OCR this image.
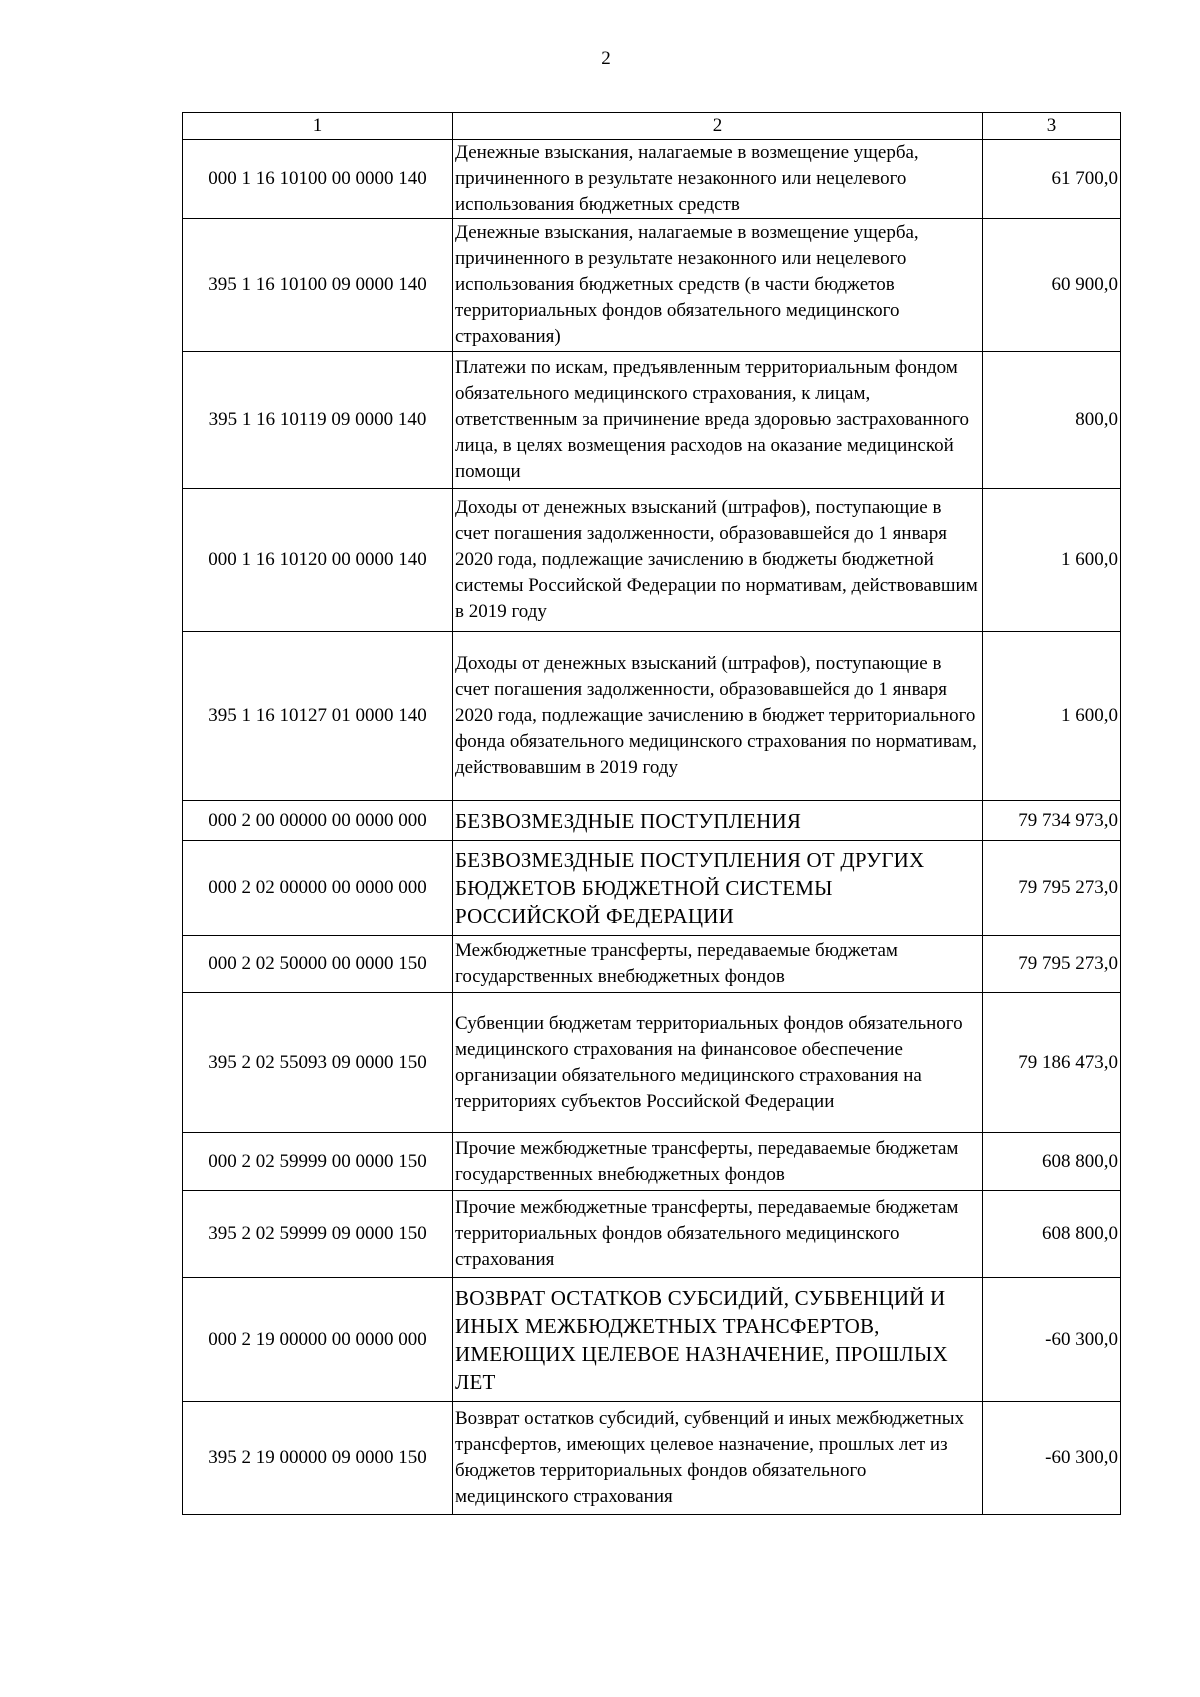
2
1	2	3
000 1 16 10100 00 0000 140	Денежные взыскания, налагаемые в возмещение ущерба, причиненного в результате незаконного или нецелевого использования бюджетных средств	61 700,0
395 1 16 10100 09 0000 140	Денежные взыскания, налагаемые в возмещение ущерба, причиненного в результате незаконного или нецелевого использования бюджетных средств (в части бюджетов территориальных фондов обязательного медицинского страхования)	60 900,0
395 1 16 10119 09 0000 140	Платежи по искам, предъявленным территориальным фондом обязательного медицинского страхования, к лицам, ответственным за причинение вреда здоровью застрахованного лица, в целях возмещения расходов на оказание медицинской помощи	800,0
000 1 16 10120 00 0000 140	Доходы от денежных взысканий (штрафов), поступающие в счет погашения задолженности, образовавшейся до 1 января 2020 года, подлежащие зачислению в бюджеты бюджетной системы Российской Федерации по нормативам, действовавшим в 2019 году	1 600,0
395 1 16 10127 01 0000 140	Доходы от денежных взысканий (штрафов), поступающие в счет погашения задолженности, образовавшейся до 1 января 2020 года, подлежащие зачислению в бюджет территориального фонда обязательного медицинского страхования по нормативам, действовавшим в 2019 году	1 600,0
000 2 00 00000 00 0000 000	БЕЗВОЗМЕЗДНЫЕ ПОСТУПЛЕНИЯ	79 734 973,0
000 2 02 00000 00 0000 000	БЕЗВОЗМЕЗДНЫЕ ПОСТУПЛЕНИЯ ОТ ДРУГИХ БЮДЖЕТОВ БЮДЖЕТНОЙ СИСТЕМЫ РОССИЙСКОЙ ФЕДЕРАЦИИ	79 795 273,0
000 2 02 50000 00 0000 150	Межбюджетные трансферты, передаваемые бюджетам государственных внебюджетных фондов	79 795 273,0
395 2 02 55093 09 0000 150	Субвенции бюджетам территориальных фондов обязательного медицинского страхования на финансовое обеспечение организации обязательного медицинского страхования на территориях субъектов Российской Федерации	79 186 473,0
000 2 02 59999 00 0000 150	Прочие межбюджетные трансферты, передаваемые бюджетам государственных внебюджетных фондов	608 800,0
395 2 02 59999 09 0000 150	Прочие межбюджетные трансферты, передаваемые бюджетам территориальных фондов обязательного медицинского страхования	608 800,0
000 2 19 00000 00 0000 000	ВОЗВРАТ ОСТАТКОВ СУБСИДИЙ, СУБВЕНЦИЙ И ИНЫХ МЕЖБЮДЖЕТНЫХ ТРАНСФЕРТОВ, ИМЕЮЩИХ ЦЕЛЕВОЕ НАЗНАЧЕНИЕ, ПРОШЛЫХ ЛЕТ	-60 300,0
395 2 19 00000 09 0000 150	Возврат остатков субсидий, субвенций и иных межбюджетных трансфертов, имеющих целевое назначение, прошлых лет из бюджетов территориальных фондов обязательного медицинского страхования	-60 300,0
